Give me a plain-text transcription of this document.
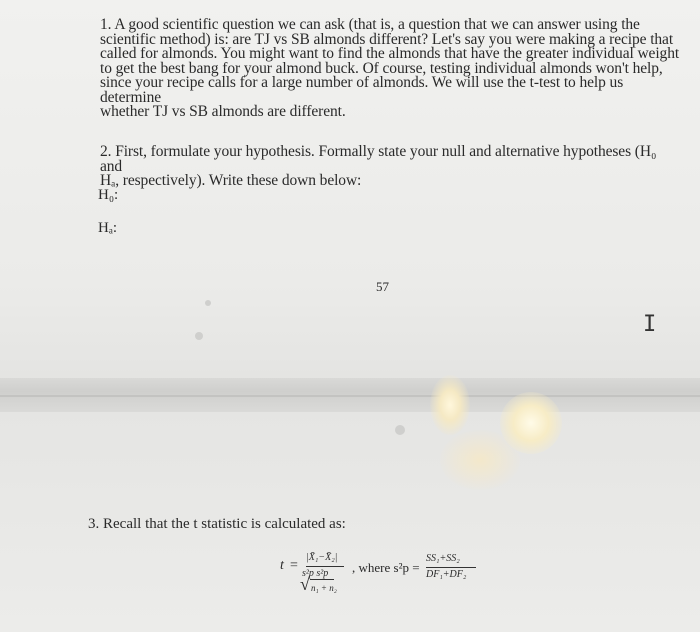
1. A good scientific question we can ask (that is, a question that we can answer using the
scientific method) is: are TJ vs SB almonds different? Let's say you were making a recipe that
called for almonds. You might want to find the almonds that have the greater individual weight
to get the best bang for your almond buck. Of course, testing individual almonds won't help,
since your recipe calls for a large number of almonds. We will use the t-test to help us determine
whether TJ vs SB almonds are different.
2. First, formulate your hypothesis. Formally state your null and alternative hypotheses (H₀ and
Hₐ, respectively). Write these down below:
H₀:
Hₐ:
57
I
3. Recall that the t statistic is calculated as:
t =
|X̄₁−X̄₂|
s²p s²p
√ n₁ + n₂
, where s²p =
SS₁+SS₂
DF₁+DF₂
